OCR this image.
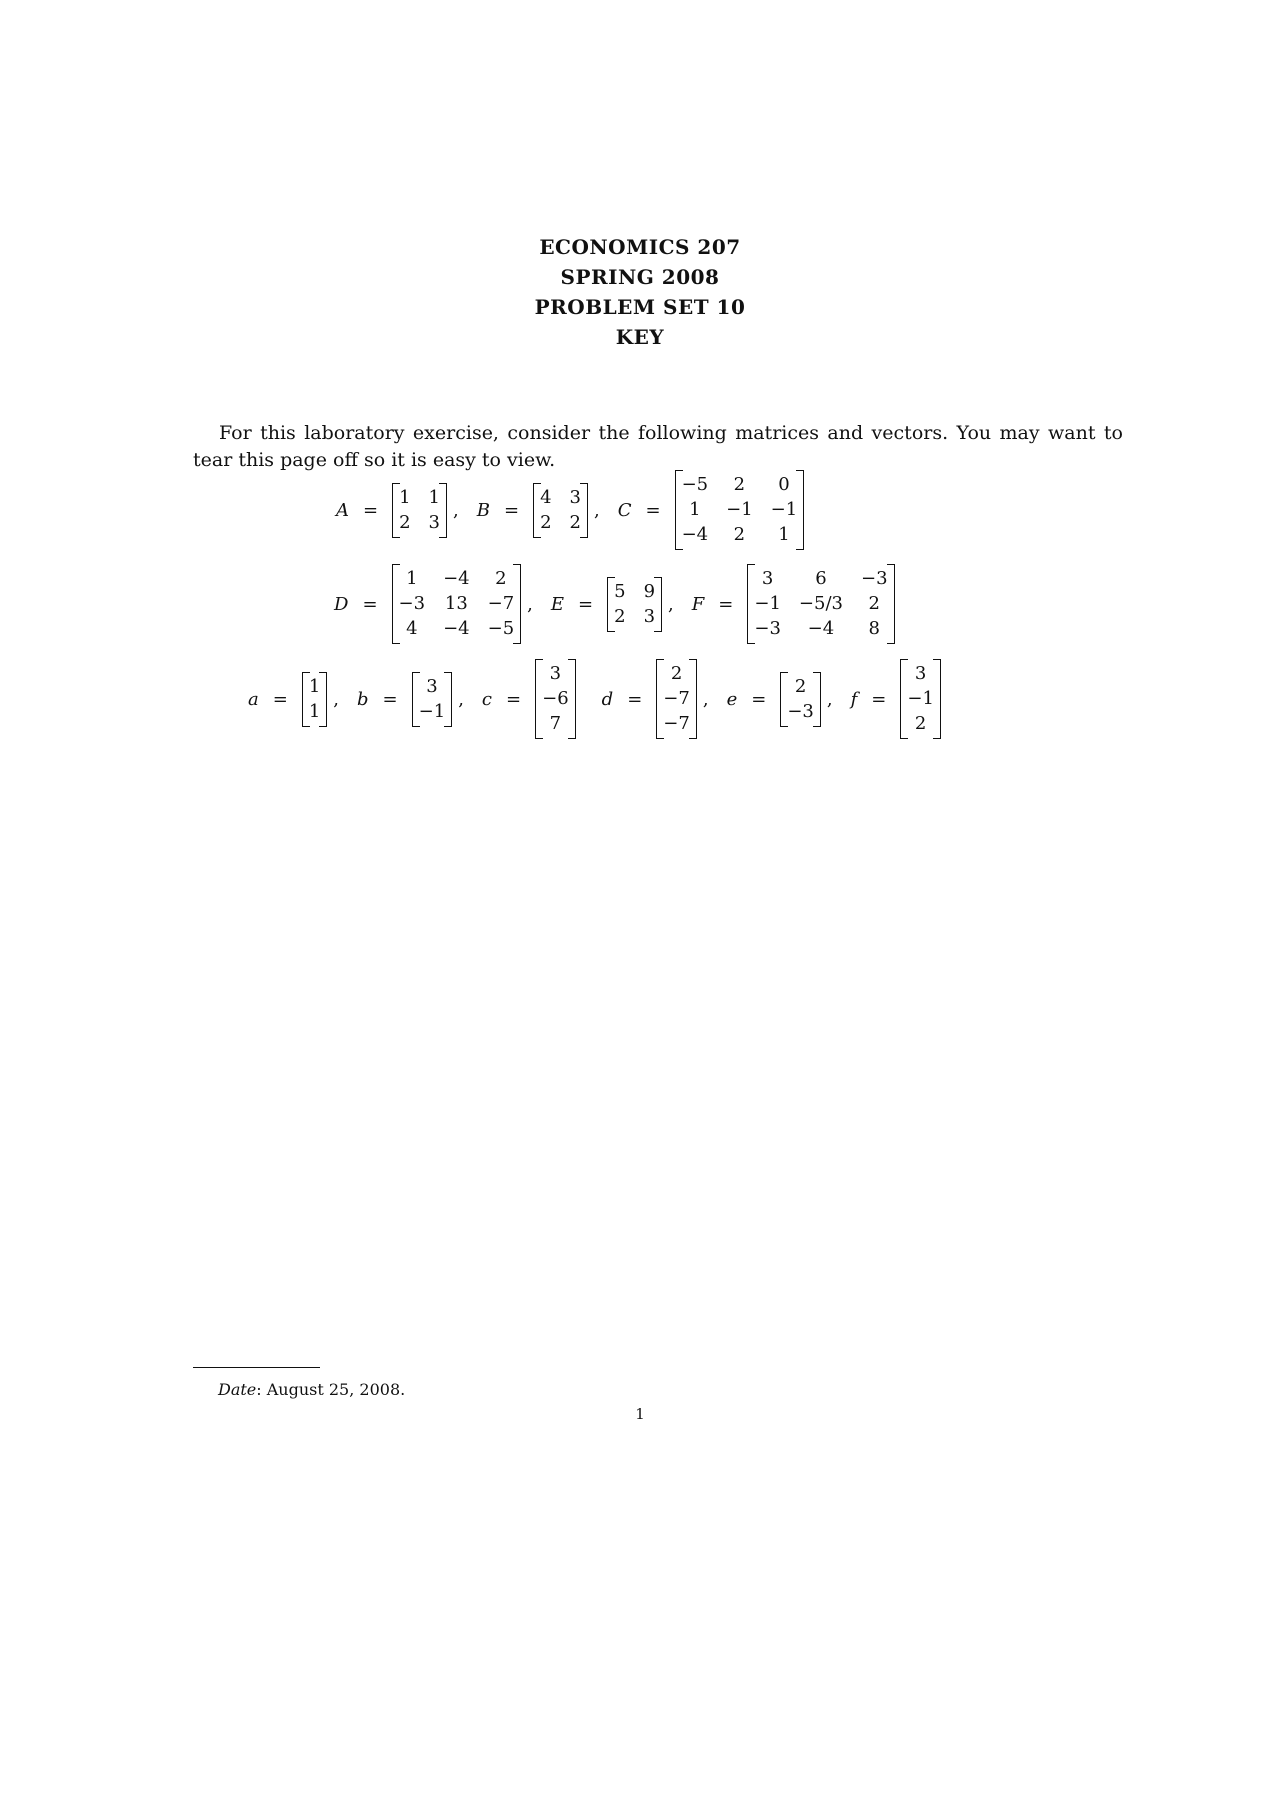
ECONOMICS 207
SPRING 2008
PROBLEM SET 10
KEY

For this laboratory exercise, consider the following matrices and vectors. You may want to tear this page off so it is easy to view.

A =
1 1
2 3
, B =
4 3
2 2
, C =
−5	2	0
1	−1 −1
−4	2	1
D =
1	−4	2
−3 13 −7
4	−4 −5
, E =
5 9
2 3
, F =
3	6	−3
−1 −5/3	2
−3	−4	8
a =
1
1
, b =
3
−1
, c =
3
−6
7
d =
2
−7
−7
, e =
2
−3
, f =
3
−1
2
Date: August 25, 2008.
1
